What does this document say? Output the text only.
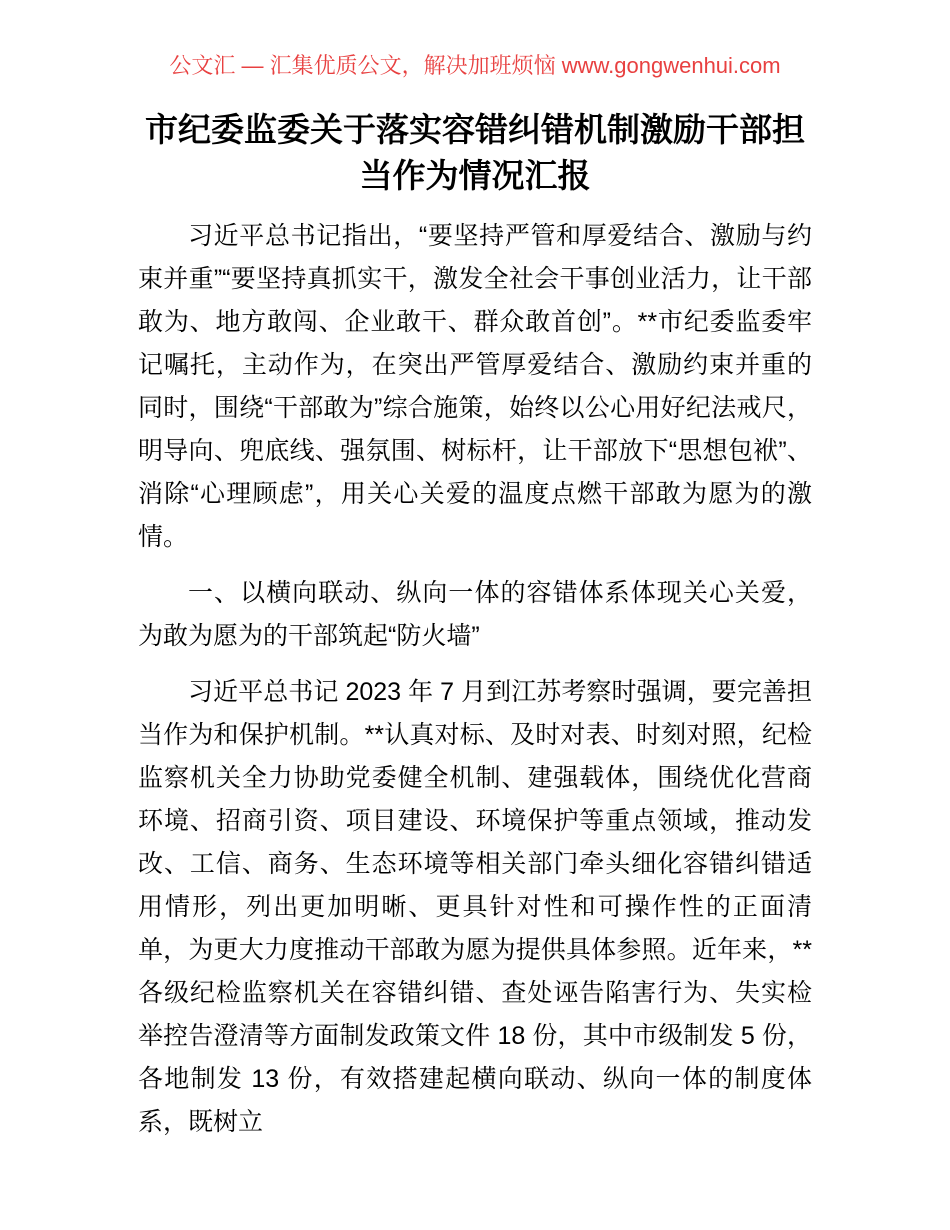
公文汇 — 汇集优质公文，解决加班烦恼 www.gongwenhui.com
市纪委监委关于落实容错纠错机制激励干部担当作为情况汇报

习近平总书记指出，“要坚持严管和厚爱结合、激励与约束并重”“要坚持真抓实干，激发全社会干事创业活力，让干部敢为、地方敢闯、企业敢干、群众敢首创”。**市纪委监委牢记嘱托，主动作为，在突出严管厚爱结合、激励约束并重的同时，围绕“干部敢为”综合施策，始终以公心用好纪法戒尺，明导向、兜底线、强氛围、树标杆，让干部放下“思想包袱”、消除“心理顾虑”，用关心关爱的温度点燃干部敢为愿为的激情。

一、以横向联动、纵向一体的容错体系体现关心关爱，为敢为愿为的干部筑起“防火墙”

习近平总书记 2023 年 7 月到江苏考察时强调，要完善担当作为和保护机制。**认真对标、及时对表、时刻对照，纪检监察机关全力协助党委健全机制、建强载体，围绕优化营商环境、招商引资、项目建设、环境保护等重点领域，推动发改、工信、商务、生态环境等相关部门牵头细化容错纠错适用情形，列出更加明晰、更具针对性和可操作性的正面清单，为更大力度推动干部敢为愿为提供具体参照。近年来，**各级纪检监察机关在容错纠错、查处诬告陷害行为、失实检举控告澄清等方面制发政策文件 18 份，其中市级制发 5 份，各地制发 13 份，有效搭建起横向联动、纵向一体的制度体系，既树立
